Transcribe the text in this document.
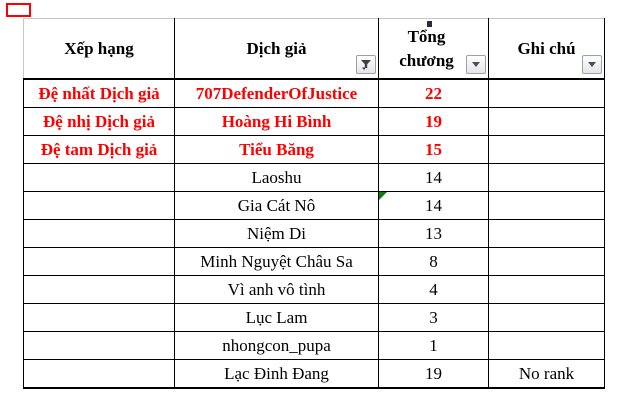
Xếp hạng	Dịch giả	Tổng chương	Ghi chú

Đệ nhất Dịch giả	707DefenderOfJustice	22	
Đệ nhị Dịch giả	Hoàng Hi Bình	19	
Đệ tam Dịch giả	Tiểu Băng	15	
	Laoshu	14	
	Gia Cát Nô	14

	Niệm Di	13	
	Minh Nguyệt Châu Sa	8	
	Vì anh vô tình	4	
	Lục Lam	3	
	nhongcon_pupa	1	
	Lạc Đinh Đang	19	No rank
